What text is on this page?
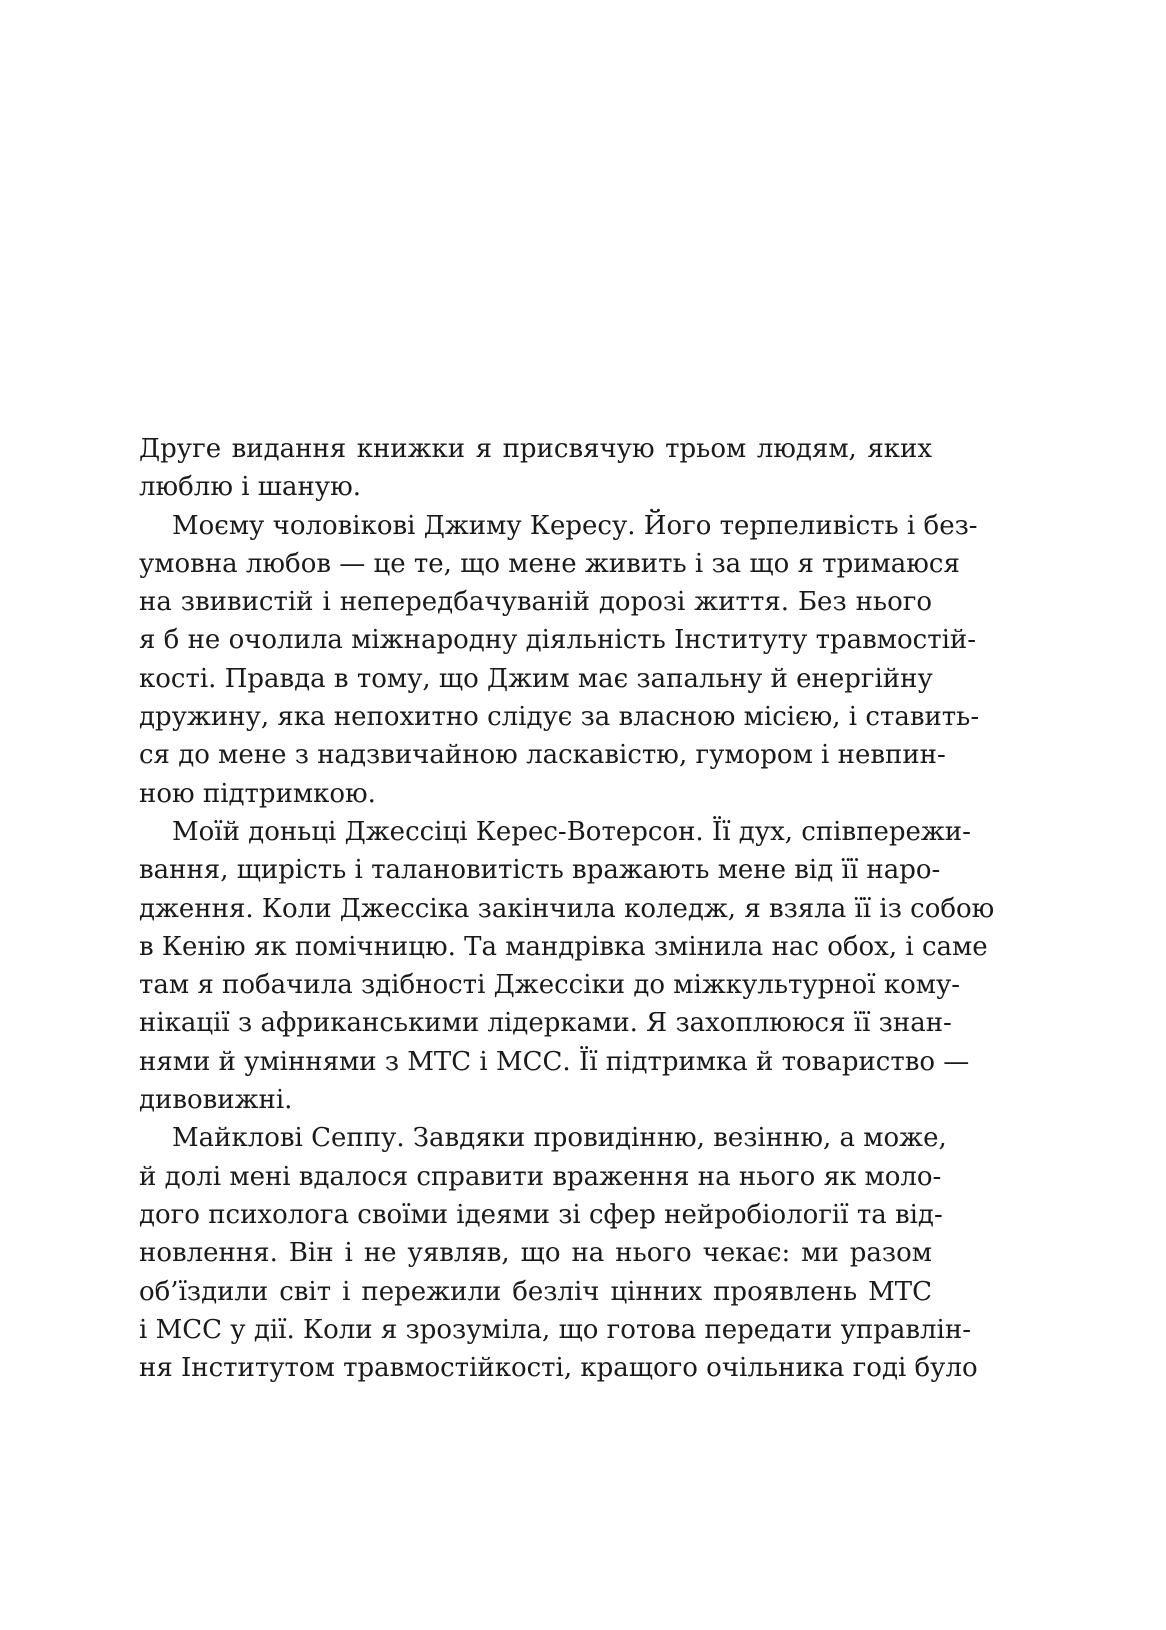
Друге видання книжки я присвячую трьом людям, яких
люблю і шаную.

Моєму чоловікові Джиму Кересу. Його терпеливість і без-
умовна любов — це те, що мене живить і за що я тримаюся
на звивистій і непередбачуваній дорозі життя. Без нього
я б не очолила міжнародну діяльність Інституту травмостій-
кості. Правда в тому, що Джим має запальну й енергійну
дружину, яка непохитно слідує за власною місією, і ставить-
ся до мене з надзвичайною ласкавістю, гумором і невпин-
ною підтримкою.

Моїй доньці Джессіці Керес-Вотерсон. Її дух, співпережи-
вання, щирість і талановитість вражають мене від її наро-
дження. Коли Джессіка закінчила коледж, я взяла її із собою
в Кенію як помічницю. Та мандрівка змінила нас обох, і саме
там я побачила здібності Джессіки до міжкультурної кому-
нікації з африканськими лідерками. Я захоплююся її знан-
нями й уміннями з МТС і МСС. Її підтримка й товариство —
дивовижні.

Майклові Сеппу. Завдяки провидінню, везінню, а може,
й долі мені вдалося справити враження на нього як моло-
дого психолога своїми ідеями зі сфер нейробіології та від-
новлення. Він і не уявляв, що на нього чекає: ми разом
об’їздили світ і пережили безліч цінних проявлень МТС
і МСС у дії. Коли я зрозуміла, що готова передати управлін-
ня Інститутом травмостійкості, кращого очільника годі було
